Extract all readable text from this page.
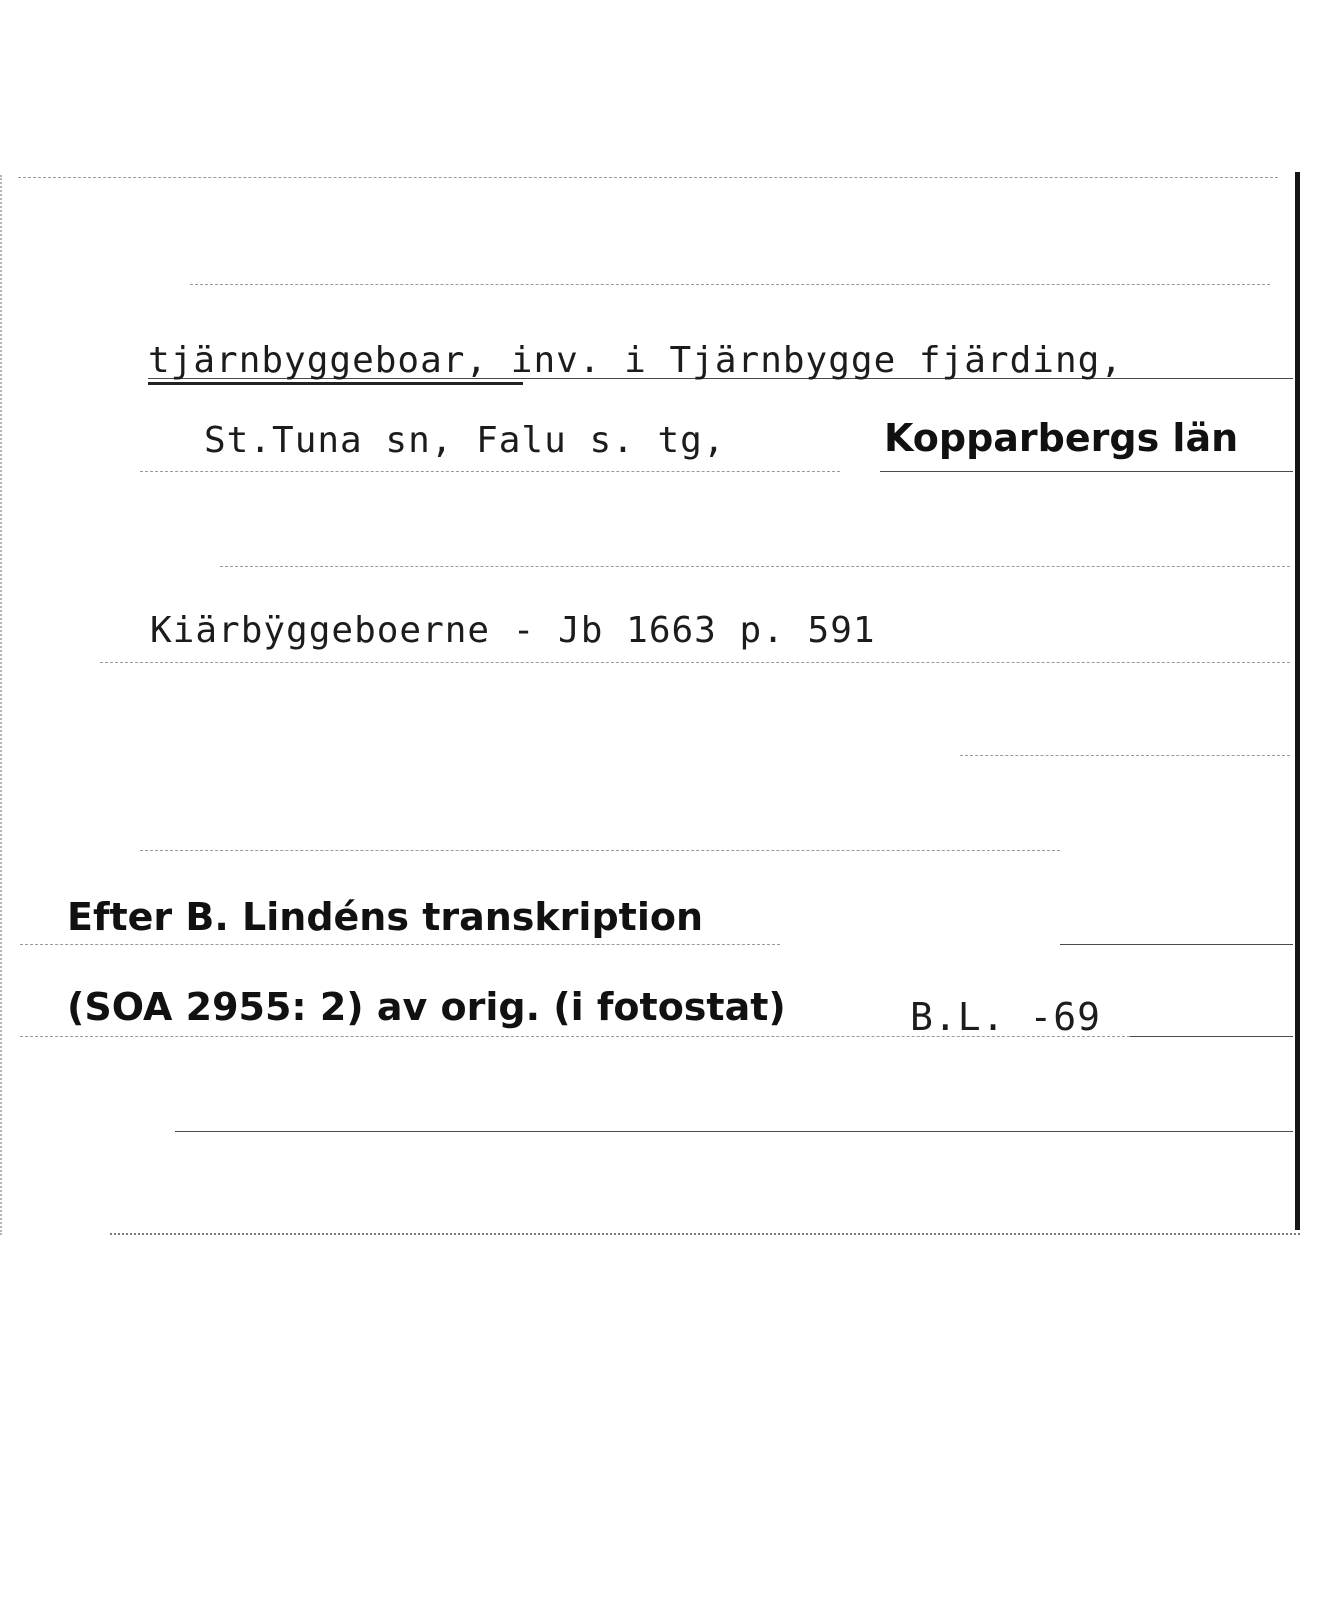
tjärnbyggeboar, inv. i Tjärnbygge fjärding,
St.Tuna sn, Falu s. tg,	Kopparbergs län
Kiärbÿggeboerne - Jb 1663 p. 591
Efter B. Lindéns transkription
(SOA 2955: 2) av orig. (i fotostat)	B.L. -69
